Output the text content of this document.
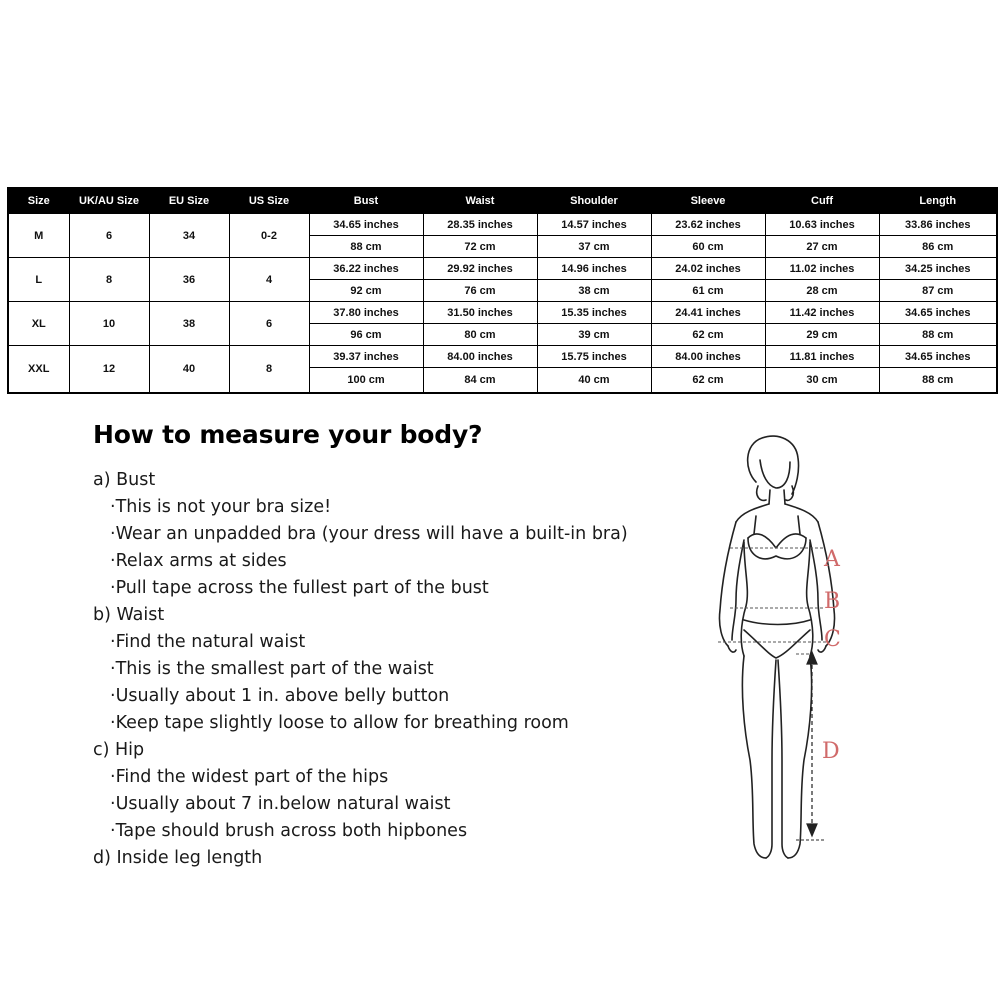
Size	UK/AU Size	EU Size	US Size	Bust	Waist	Shoulder	Sleeve	Cuff	Length
M	6	34	0-2	34.65 inches	28.35 inches	14.57 inches	23.62 inches	10.63 inches	33.86 inches
				88 cm	72 cm	37 cm	60 cm	27 cm	86 cm
L	8	36	4	36.22 inches	29.92 inches	14.96 inches	24.02 inches	11.02 inches	34.25 inches
				92 cm	76 cm	38 cm	61 cm	28 cm	87 cm
XL	10	38	6	37.80 inches	31.50 inches	15.35 inches	24.41 inches	11.42 inches	34.65 inches
				96 cm	80 cm	39 cm	62 cm	29 cm	88 cm
XXL	12	40	8	39.37 inches	84.00 inches	15.75 inches	84.00 inches	11.81 inches	34.65 inches
				100 cm	84 cm	40 cm	62 cm	30 cm	88 cm
How to measure your body?
a) Bust
·This is not your bra size!
·Wear an unpadded bra (your dress will have a built-in bra)
·Relax arms at sides
·Pull tape across the fullest part of the bust
b) Waist
·Find the natural waist
·This is the smallest part of the waist
·Usually about 1 in. above belly button
·Keep tape slightly loose to allow for breathing room
c) Hip
·Find the widest part of the hips
·Usually about 7 in.below natural waist
·Tape should brush across both hipbones
d) Inside leg length
A
B
C
D
